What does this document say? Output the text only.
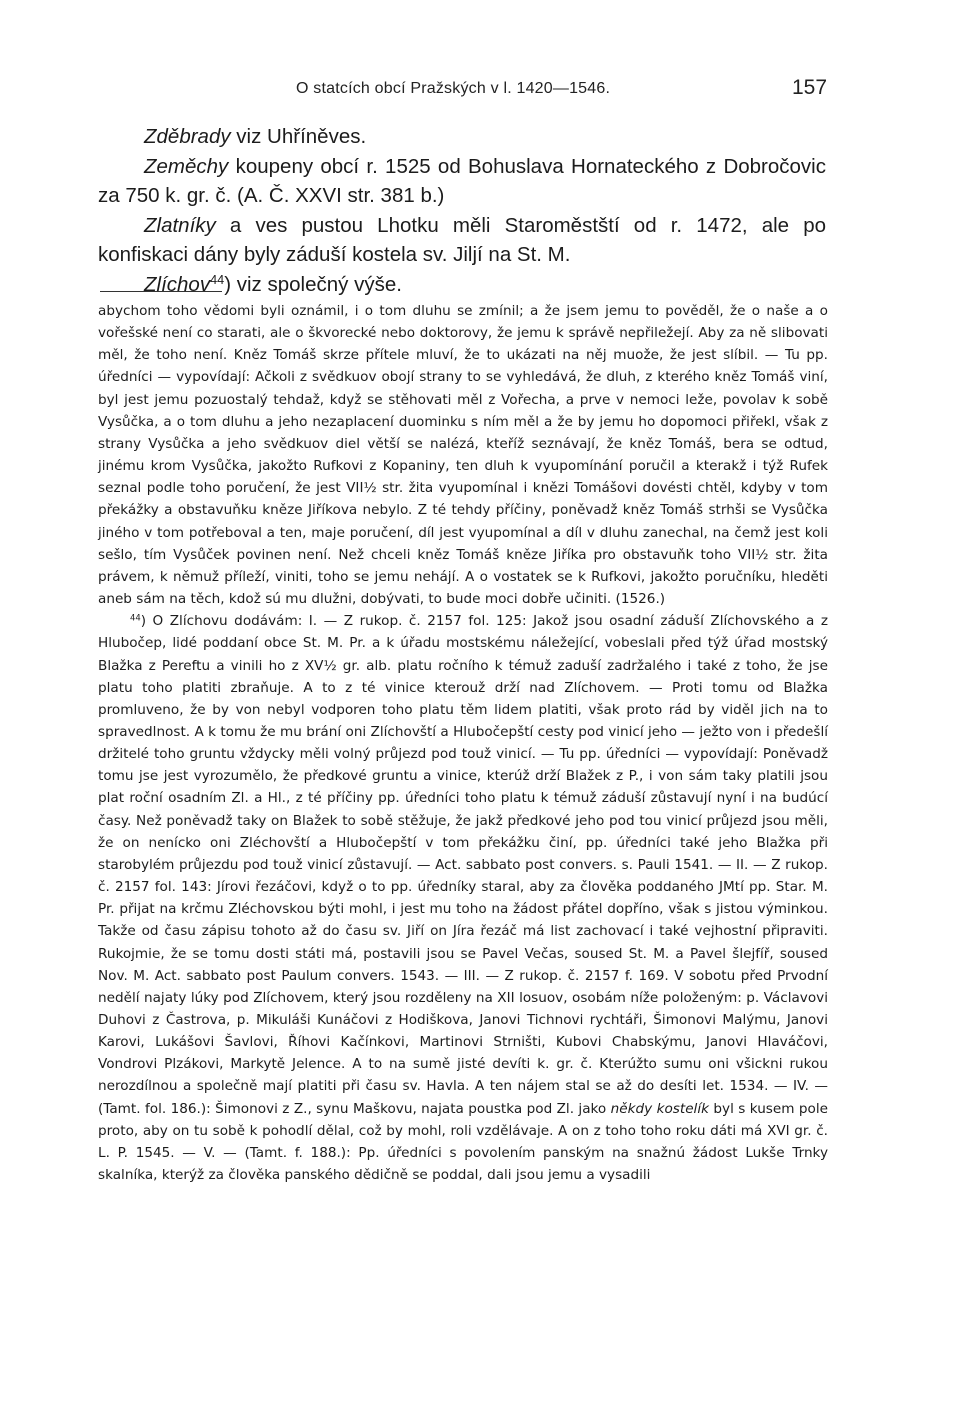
O statcích obcí Pražských v l. 1420—1546.	157

Zděbrady viz Uhříněves.

Zeměchy koupeny obcí r. 1525 od Bohuslava Hornateckého z Dobročovic za 750 k. gr. č. (A. Č. XXVI str. 381 b.)

Zlatníky a ves pustou Lhotku měli Staroměstští od r. 1472, ale po konfiskaci dány byly záduší kostela sv. Jiljí na St. M.

Zlíchov$^{44}$) viz společný výše.

abychom toho vědomi byli oznámil, i o tom dluhu se zmínil; a že jsem jemu to pověděl, že o naše a o vořešské není co starati, ale o škvorecké nebo doktorovy, že jemu k správě nepřiležejí. Aby za ně slibovati měl, že toho není. Kněz Tomáš skrze přítele mluví, že to ukázati na něj muože, že jest slíbil. — Tu pp. úředníci — vypovídají: Ačkoli z svědkuov obojí strany to se vyhledává, že dluh, z kterého kněz Tomáš viní, byl jest jemu pozuostalý tehdaž, když se stěhovati měl z Vořecha, a prve v nemoci leže, povolav k sobě Vysůčka, a o tom dluhu a jeho nezaplacení duominku s ním měl a že by jemu ho dopomoci přiřekl, však z strany Vysůčka a jeho svědkuov diel větší se nalézá, kteříž seznávají, že kněz Tomáš, bera se odtud, jinému krom Vysůčka, jakožto Rufkovi z Kopaniny, ten dluh k vyupomínání poručil a kterakž i týž Rufek seznal podle toho poručení, že jest VII½ str. žita vyupomínal i knězi Tomášovi dovésti chtěl, kdyby v tom překážky a obstavuňku kněze Jiříkova nebylo. Z té tehdy příčiny, poněvadž kněz Tomáš strhši se Vysůčka jiného v tom potřeboval a ten, maje poručení, díl jest vyupomínal a díl v dluhu zanechal, na čemž jest koli sešlo, tím Vysůček povinen není. Než chceli kněz Tomáš kněze Jiříka pro obstavuňk toho VII½ str. žita právem, k němuž příleží, viniti, toho se jemu nehájí. A o vostatek se k Rufkovi, jakožto poručníku, hleděti aneb sám na těch, kdož sú mu dlužni, dobývati, to bude moci dobře učiniti. (1526.)

$^{44}$) O Zlíchovu dodávám: I. — Z rukop. č. 2157 fol. 125: Jakož jsou osadní záduší Zlíchovského a z Hlubočep, lidé poddaní obce St. M. Pr. a k úřadu mostskému náležející, vobeslali před týž úřad mostský Blažka z Pereftu a vinili ho z XV½ gr. alb. platu ročního k témuž zaduší zadržalého i také z toho, že jse platu toho platiti zbraňuje. A to z té vinice kterouž drží nad Zlíchovem. — Proti tomu od Blažka promluveno, že by von nebyl vodporen toho platu těm lidem platiti, však proto rád by viděl jich na to spravedlnost. A k tomu že mu brání oni Zlíchovští a Hlubočepští cesty pod vinicí jeho — ježto von i předešlí držitelé toho gruntu vždycky měli volný průjezd pod touž vinicí. — Tu pp. úředníci — vypovídají: Poněvadž tomu jse jest vyrozumělo, že předkové gruntu a vinice, kterúž drží Blažek z P., i von sám taky platili jsou plat roční osadním Zl. a Hl., z té příčiny pp. úředníci toho platu k témuž záduší zůstavují nyní i na budúcí časy. Než poněvadž taky on Blažek to sobě stěžuje, že jakž předkové jeho pod tou vinicí průjezd jsou měli, že on nenícko oni Zléchovští a Hlubočepští v tom překážku činí, pp. úředníci také jeho Blažka při starobylém průjezdu pod touž vinicí zůstavují. — Act. sabbato post convers. s. Pauli 1541. — II. — Z rukop. č. 2157 fol. 143: Jírovi řezáčovi, když o to pp. úředníky staral, aby za člověka poddaného JMtí pp. Star. M. Pr. přijat na krčmu Zléchovskou býti mohl, i jest mu toho na žádost přátel dopříno, však s jistou výminkou. Takže od času zápisu tohoto až do času sv. Jiří on Jíra řezáč má list zachovací i také vejhostní připraviti. Rukojmie, že se tomu dosti státi má, postavili jsou se Pavel Večas, soused St. M. a Pavel šlejfíř, soused Nov. M. Act. sabbato post Paulum convers. 1543. — III. — Z rukop. č. 2157 f. 169. V sobotu před Prvodní nedělí najaty lúky pod Zlíchovem, který jsou rozděleny na XII losuov, osobám níže položeným: p. Václavovi Duhovi z Častrova, p. Mikuláši Kunáčovi z Hodiškova, Janovi Tichnovi rychtáři, Šimonovi Malýmu, Janovi Karovi, Lukášovi Šavlovi, Říhovi Kačínkovi, Martinovi Strništi, Kubovi Chabskýmu, Janovi Hlaváčovi, Vondrovi Plzákovi, Markytě Jelence. A to na sumě jisté devíti k. gr. č. Kterúžto sumu oni všickni rukou nerozdílnou a společně mají platiti při času sv. Havla. A ten nájem stal se až do desíti let. 1534. — IV. — (Tamt. fol. 186.): Šimonovi z Z., synu Maškovu, najata poustka pod Zl. jako někdy kostelík byl s kusem pole proto, aby on tu sobě k pohodlí dělal, což by mohl, roli vzdělávaje. A on z toho toho roku dáti má XVI gr. č. L. P. 1545. — V. — (Tamt. f. 188.): Pp. úředníci s povolením panským na snažnú žádost Lukše Trnky skalníka, kterýž za člověka panského dědičně se poddal, dali jsou jemu a vysadili
